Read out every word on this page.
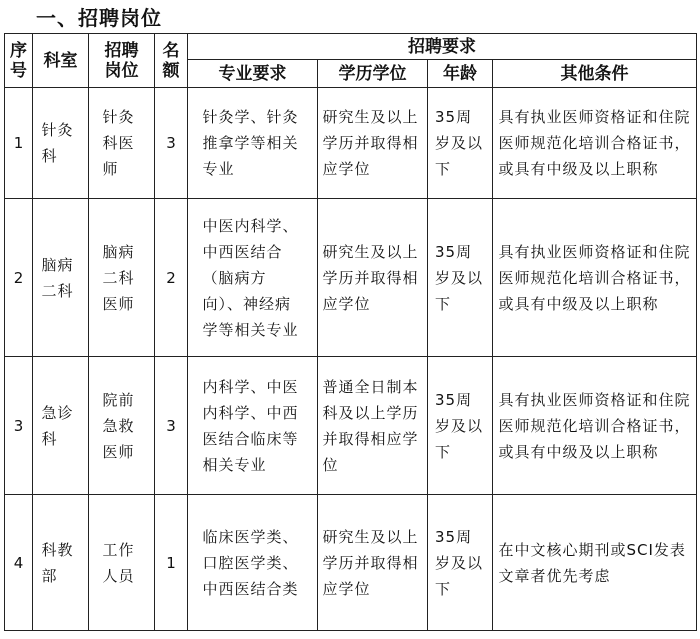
一、招聘岗位
序号	科室	招聘岗位	名额	招聘要求			
				专业要求	学历学位	年龄	其他条件
1	针灸科	针灸科医师	3	针灸学、针灸推拿学等相关专业	研究生及以上学历并取得相应学位	35周岁及以下	具有执业医师资格证和住院医师规范化培训合格证书，或具有中级及以上职称
2	脑病二科	脑病二科医师	2	中医内科学、中西医结合（脑病方向）、神经病学等相关专业	研究生及以上学历并取得相应学位	35周岁及以下	具有执业医师资格证和住院医师规范化培训合格证书，或具有中级及以上职称
3	急诊科	院前急救医师	3	内科学、中医内科学、中西医结合临床等相关专业	普通全日制本科及以上学历并取得相应学位	35周岁及以下	具有执业医师资格证和住院医师规范化培训合格证书，或具有中级及以上职称
4	科教部	工作人员	1	临床医学类、口腔医学类、中西医结合类	研究生及以上学历并取得相应学位	35周岁及以下	在中文核心期刊或SCI发表文章者优先考虑
